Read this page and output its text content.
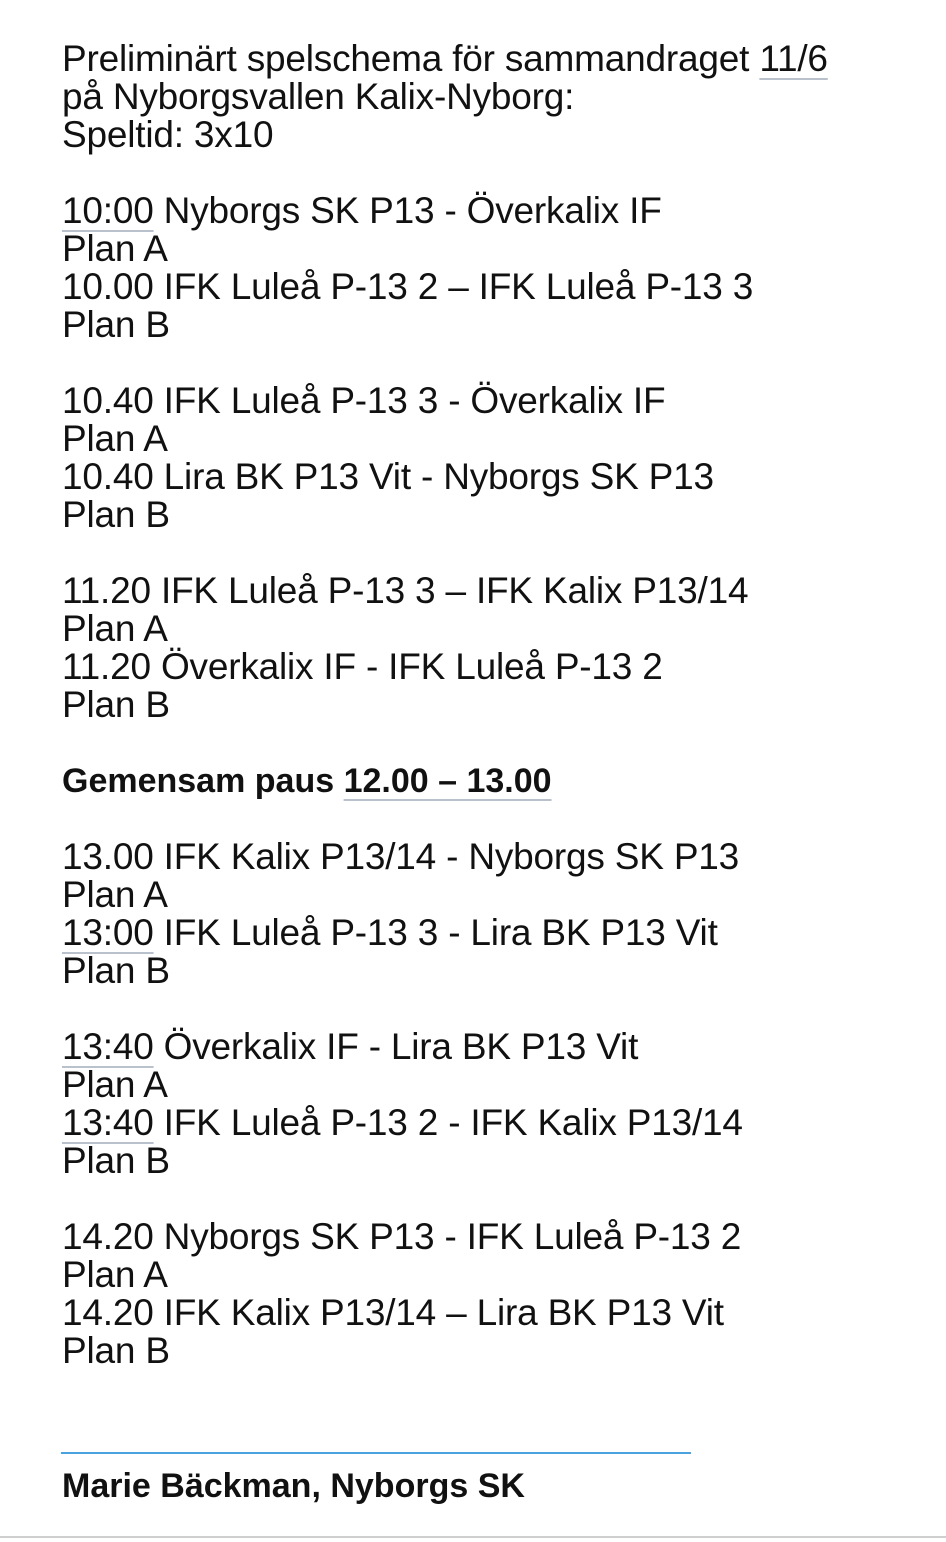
Preliminärt spelschema för sammandraget 11/6
på Nyborgsvallen Kalix-Nyborg:
Speltid: 3x10
10:00 Nyborgs SK P13 - Överkalix IF
Plan A
10.00 IFK Luleå P-13 2 – IFK Luleå P-13 3
Plan B
10.40 IFK Luleå P-13 3 - Överkalix IF
Plan A
10.40 Lira BK P13 Vit - Nyborgs SK P13
Plan B
11.20 IFK Luleå P-13 3 – IFK Kalix P13/14
Plan A
11.20 Överkalix IF - IFK Luleå P-13 2
Plan B
Gemensam paus 12.00 – 13.00
13.00 IFK Kalix P13/14 - Nyborgs SK P13
Plan A
13:00 IFK Luleå P-13 3 - Lira BK P13 Vit
Plan B
13:40 Överkalix IF - Lira BK P13 Vit
Plan A
13:40 IFK Luleå P-13 2 - IFK Kalix P13/14
Plan B
14.20 Nyborgs SK P13 - IFK Luleå P-13 2
Plan A
14.20 IFK Kalix P13/14 – Lira BK P13 Vit
Plan B
Marie Bäckman, Nyborgs SK
